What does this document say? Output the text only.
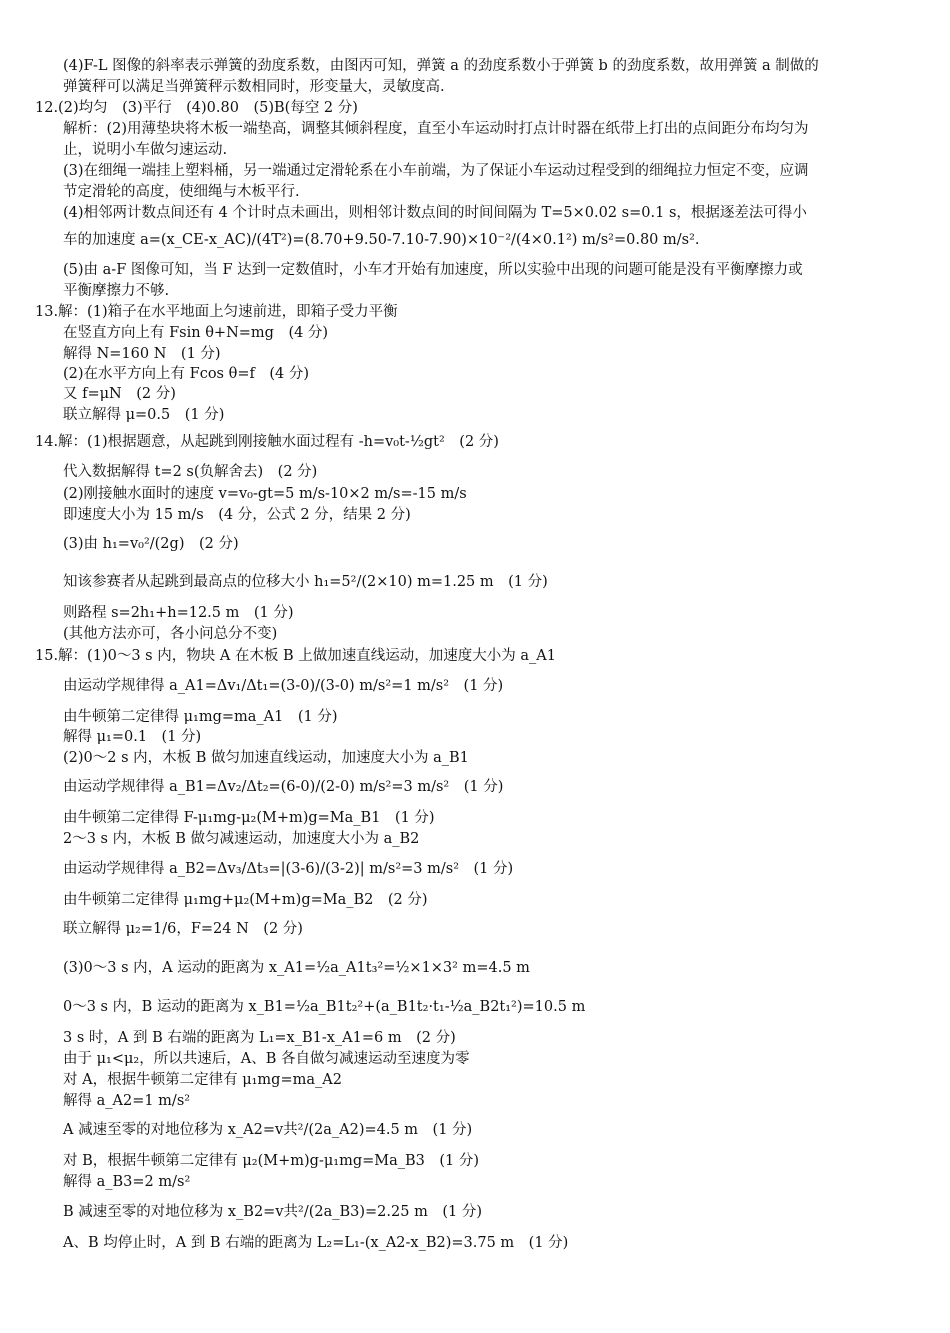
(4)F-L 图像的斜率表示弹簧的劲度系数，由图丙可知，弹簧 a 的劲度系数小于弹簧 b 的劲度系数，故用弹簧 a 制做的
弹簧秤可以满足当弹簧秤示数相同时，形变量大，灵敏度高.
12.(2)均匀　(3)平行　(4)0.80　(5)B(每空 2 分)
解析：(2)用薄垫块将木板一端垫高，调整其倾斜程度，直至小车运动时打点计时器在纸带上打出的点间距分布均匀为
止，说明小车做匀速运动.
(3)在细绳一端挂上塑料桶，另一端通过定滑轮系在小车前端，为了保证小车运动过程受到的细绳拉力恒定不变，应调
节定滑轮的高度，使细绳与木板平行.
(4)相邻两计数点间还有 4 个计时点未画出，则相邻计数点间的时间间隔为 T=5×0.02 s=0.1 s，根据逐差法可得小
车的加速度 a=(x_CE-x_AC)/(4T²)=(8.70+9.50-7.10-7.90)×10⁻²/(4×0.1²) m/s²=0.80 m/s².
(5)由 a-F 图像可知，当 F 达到一定数值时，小车才开始有加速度，所以实验中出现的问题可能是没有平衡摩擦力或
平衡摩擦力不够.
13.解：(1)箱子在水平地面上匀速前进，即箱子受力平衡
在竖直方向上有 Fsin θ+N=mg　(4 分)
解得 N=160 N　(1 分)
(2)在水平方向上有 Fcos θ=f　(4 分)
又 f=μN　(2 分)
联立解得 μ=0.5　(1 分)
14.解：(1)根据题意，从起跳到刚接触水面过程有 -h=v₀t-½gt²　(2 分)
代入数据解得 t=2 s(负解舍去)　(2 分)
(2)刚接触水面时的速度 v=v₀-gt=5 m/s-10×2 m/s=-15 m/s
即速度大小为 15 m/s　(4 分，公式 2 分，结果 2 分)
(3)由 h₁=v₀²/(2g)　(2 分)
知该参赛者从起跳到最高点的位移大小 h₁=5²/(2×10) m=1.25 m　(1 分)
则路程 s=2h₁+h=12.5 m　(1 分)
(其他方法亦可，各小问总分不变)
15.解：(1)0～3 s 内，物块 A 在木板 B 上做加速直线运动，加速度大小为 a_A1
由运动学规律得 a_A1=Δv₁/Δt₁=(3-0)/(3-0) m/s²=1 m/s²　(1 分)
由牛顿第二定律得 μ₁mg=ma_A1　(1 分)
解得 μ₁=0.1　(1 分)
(2)0～2 s 内，木板 B 做匀加速直线运动，加速度大小为 a_B1
由运动学规律得 a_B1=Δv₂/Δt₂=(6-0)/(2-0) m/s²=3 m/s²　(1 分)
由牛顿第二定律得 F-μ₁mg-μ₂(M+m)g=Ma_B1　(1 分)
2～3 s 内，木板 B 做匀减速运动，加速度大小为 a_B2
由运动学规律得 a_B2=Δv₃/Δt₃=|(3-6)/(3-2)| m/s²=3 m/s²　(1 分)
由牛顿第二定律得 μ₁mg+μ₂(M+m)g=Ma_B2　(2 分)
联立解得 μ₂=1/6，F=24 N　(2 分)
(3)0～3 s 内，A 运动的距离为 x_A1=½a_A1t₃²=½×1×3² m=4.5 m
0～3 s 内，B 运动的距离为 x_B1=½a_B1t₂²+(a_B1t₂·t₁-½a_B2t₁²)=10.5 m
3 s 时，A 到 B 右端的距离为 L₁=x_B1-x_A1=6 m　(2 分)
由于 μ₁<μ₂，所以共速后，A、B 各自做匀减速运动至速度为零
对 A，根据牛顿第二定律有 μ₁mg=ma_A2
解得 a_A2=1 m/s²
A 减速至零的对地位移为 x_A2=v共²/(2a_A2)=4.5 m　(1 分)
对 B，根据牛顿第二定律有 μ₂(M+m)g-μ₁mg=Ma_B3　(1 分)
解得 a_B3=2 m/s²
B 减速至零的对地位移为 x_B2=v共²/(2a_B3)=2.25 m　(1 分)
A、B 均停止时，A 到 B 右端的距离为 L₂=L₁-(x_A2-x_B2)=3.75 m　(1 分)
